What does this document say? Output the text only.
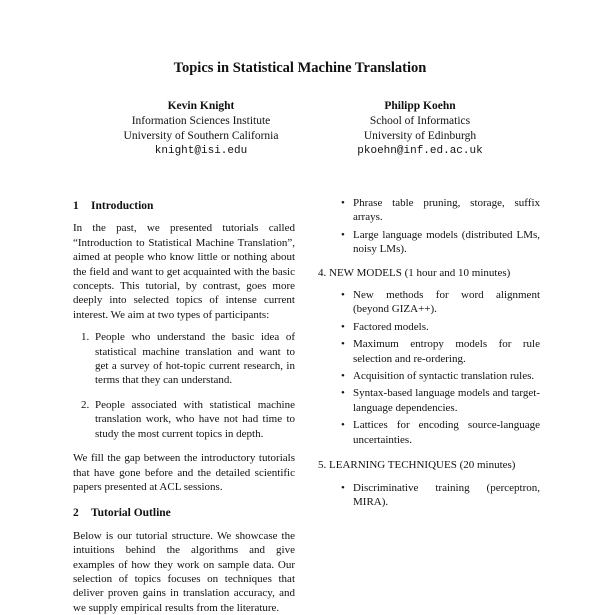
Topics in Statistical Machine Translation
Kevin Knight
Information Sciences Institute
University of Southern California
knight@isi.edu
Philipp Koehn
School of Informatics
University of Edinburgh
pkoehn@inf.ed.ac.uk
1 Introduction

In the past, we presented tutorials called “Introduction to Statistical Machine Translation”, aimed at people who know little or nothing about the field and want to get acquainted with the basic concepts. This tutorial, by contrast, goes more deeply into selected topics of intense current interest. We aim at two types of participants:

1. People who understand the basic idea of statistical machine translation and want to get a survey of hot-topic current research, in terms that they can understand.
2. People associated with statistical machine translation work, who have not had time to study the most current topics in depth.

We fill the gap between the introductory tutorials that have gone before and the detailed scientific papers presented at ACL sessions.

2 Tutorial Outline

Below is our tutorial structure. We showcase the intuitions behind the algorithms and give examples of how they work on sample data. Our selection of topics focuses on techniques that deliver proven gains in translation accuracy, and we supply empirical results from the literature.

• Phrase table pruning, storage, suffix arrays.
• Large language models (distributed LMs, noisy LMs).
4. NEW MODELS (1 hour and 10 minutes)
• New methods for word alignment (beyond GIZA++).
• Factored models.
• Maximum entropy models for rule selection and re-ordering.
• Acquisition of syntactic translation rules.
• Syntax-based language models and target-language dependencies.
• Lattices for encoding source-language uncertainties.
5. LEARNING TECHNIQUES (20 minutes)
• Discriminative training (perceptron, MIRA).
